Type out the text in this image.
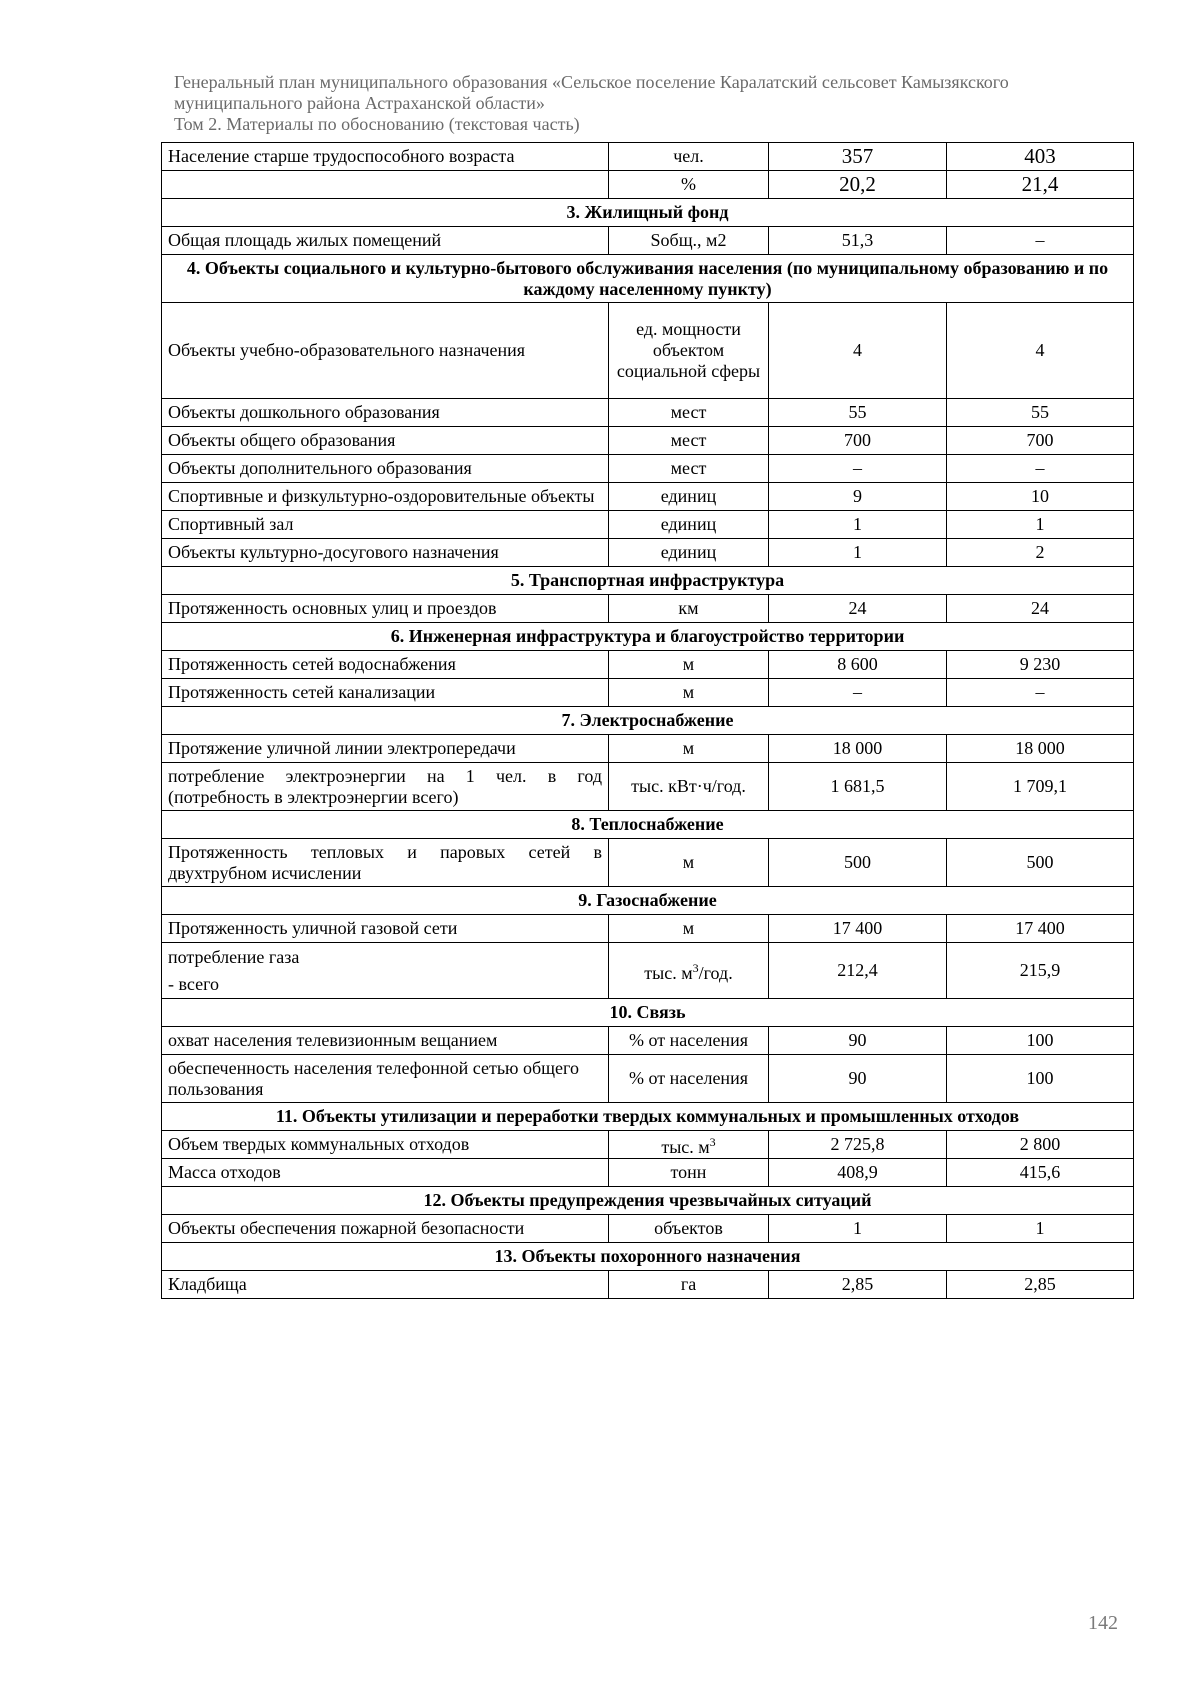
Генеральный план муниципального образования «Сельское поселение Каралатский сельсовет Камызякского
муниципального района Астраханской области»
Том 2. Материалы по обоснованию (текстовая часть)
Население старше трудоспособного возраста	чел.	357	403
	%	20,2	21,4
3. Жилищный фонд			
Общая площадь жилых помещений	Sобщ., м2	51,3	–
4. Объекты социального и культурно-бытового обслуживания населения (по муниципальному образованию и по каждому населенному пункту)			
Объекты учебно-образовательного назначения	ед. мощности объектом социальной сферы	4	4
Объекты дошкольного образования	мест	55	55
Объекты общего образования	мест	700	700
Объекты дополнительного образования	мест	–	–
Спортивные и физкультурно-оздоровительные объекты	единиц	9	10
Спортивный зал	единиц	1	1
Объекты культурно-досугового назначения	единиц	1	2
5. Транспортная инфраструктура			
Протяженность основных улиц и проездов	км	24	24
6. Инженерная инфраструктура и благоустройство территории			
Протяженность сетей водоснабжения	м	8 600	9 230
Протяженность сетей канализации	м	–	–
7. Электроснабжение			
Протяжение уличной линии электропередачи	м	18 000	18 000
потребление электроэнергии на 1 чел. в год (потребность в электроэнергии всего)	тыс. кВт·ч/год.	1 681,5	1 709,1
8. Теплоснабжение			
Протяженность тепловых и паровых сетей в двухтрубном исчислении	м	500	500
9. Газоснабжение			
Протяженность уличной газовой сети	м	17 400	17 400

потребление газа
- всего	тыс. $м^3$/год.	212,4	215,9
10. Связь			
охват населения телевизионным вещанием	% от населения	90	100
обеспеченность населения телефонной сетью общего пользования	% от населения	90	100
11. Объекты утилизации и переработки твердых коммунальных и промышленных отходов			
Объем твердых коммунальных отходов	тыс. $м^3$	2 725,8	2 800
Масса отходов	тонн	408,9	415,6
12. Объекты предупреждения чрезвычайных ситуаций			
Объекты обеспечения пожарной безопасности	объектов	1	1
13. Объекты похоронного назначения			
Кладбища	га	2,85	2,85
142
